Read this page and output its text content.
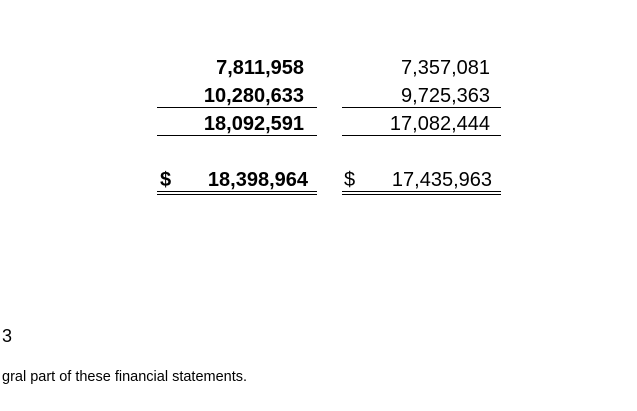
7,811,958
10,280,633
18,092,591
$ 18,398,964
7,357,081
9,725,363
17,082,444
$ 17,435,963
3
gral part of these financial statements.
